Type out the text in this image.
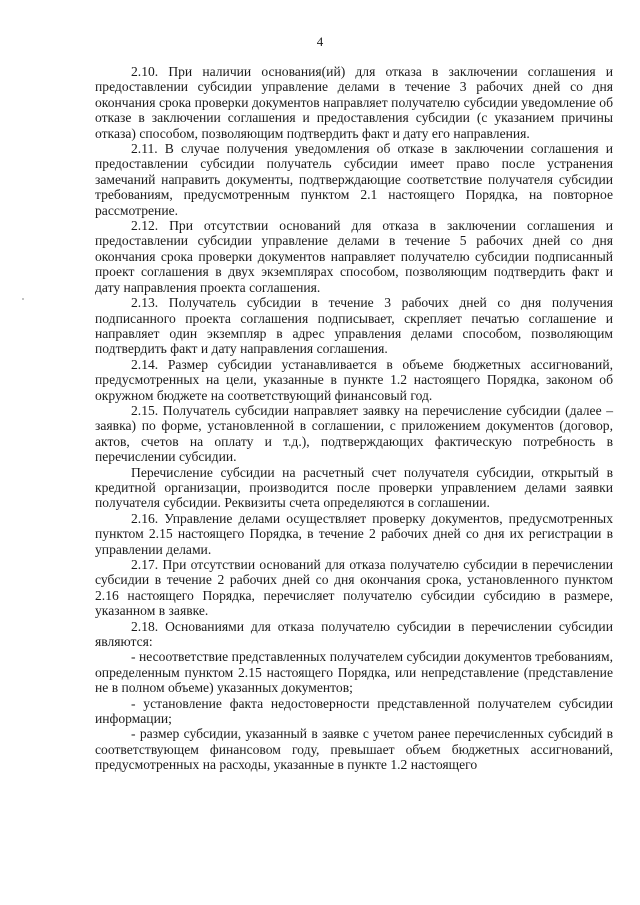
4

2.10. При наличии основания(ий) для отказа в заключении соглашения и предоставлении субсидии управление делами в течение 3 рабочих дней со дня окончания срока проверки документов направляет получателю субсидии уведомление об отказе в заключении соглашения и предоставления субсидии (с указанием причины отказа) способом, позволяющим подтвердить факт и дату его направления.

2.11. В случае получения уведомления об отказе в заключении соглашения и предоставлении субсидии получатель субсидии имеет право после устранения замечаний направить документы, подтверждающие соответствие получателя субсидии требованиям, предусмотренным пунктом 2.1 настоящего Порядка, на повторное рассмотрение.

2.12. При отсутствии оснований для отказа в заключении соглашения и предоставлении субсидии управление делами в течение 5 рабочих дней со дня окончания срока проверки документов направляет получателю субсидии подписанный проект соглашения в двух экземплярах способом, позволяющим подтвердить факт и дату направления проекта соглашения.

2.13. Получатель субсидии в течение 3 рабочих дней со дня получения подписанного проекта соглашения подписывает, скрепляет печатью соглашение и направляет один экземпляр в адрес управления делами способом, позволяющим подтвердить факт и дату направления соглашения.

2.14. Размер субсидии устанавливается в объеме бюджетных ассигнований, предусмотренных на цели, указанные в пункте 1.2 настоящего Порядка, законом об окружном бюджете на соответствующий финансовый год.

2.15. Получатель субсидии направляет заявку на перечисление субсидии (далее – заявка) по форме, установленной в соглашении, с приложением документов (договор, актов, счетов на оплату и т.д.), подтверждающих фактическую потребность в перечислении субсидии.

Перечисление субсидии на расчетный счет получателя субсидии, открытый в кредитной организации, производится после проверки управлением делами заявки получателя субсидии. Реквизиты счета определяются в соглашении.

2.16. Управление делами осуществляет проверку документов, предусмотренных пунктом 2.15 настоящего Порядка, в течение 2 рабочих дней со дня их регистрации в управлении делами.

2.17. При отсутствии оснований для отказа получателю субсидии в перечислении субсидии в течение 2 рабочих дней со дня окончания срока, установленного пунктом 2.16 настоящего Порядка, перечисляет получателю субсидии субсидию в размере, указанном в заявке.

2.18. Основаниями для отказа получателю субсидии в перечислении субсидии являются:

- несоответствие представленных получателем субсидии документов требованиям, определенным пунктом 2.15 настоящего Порядка, или непредставление (представление не в полном объеме) указанных документов;

- установление факта недостоверности представленной получателем субсидии информации;

- размер субсидии, указанный в заявке с учетом ранее перечисленных субсидий в соответствующем финансовом году, превышает объем бюджетных ассигнований, предусмотренных на расходы, указанные в пункте 1.2 настоящего
